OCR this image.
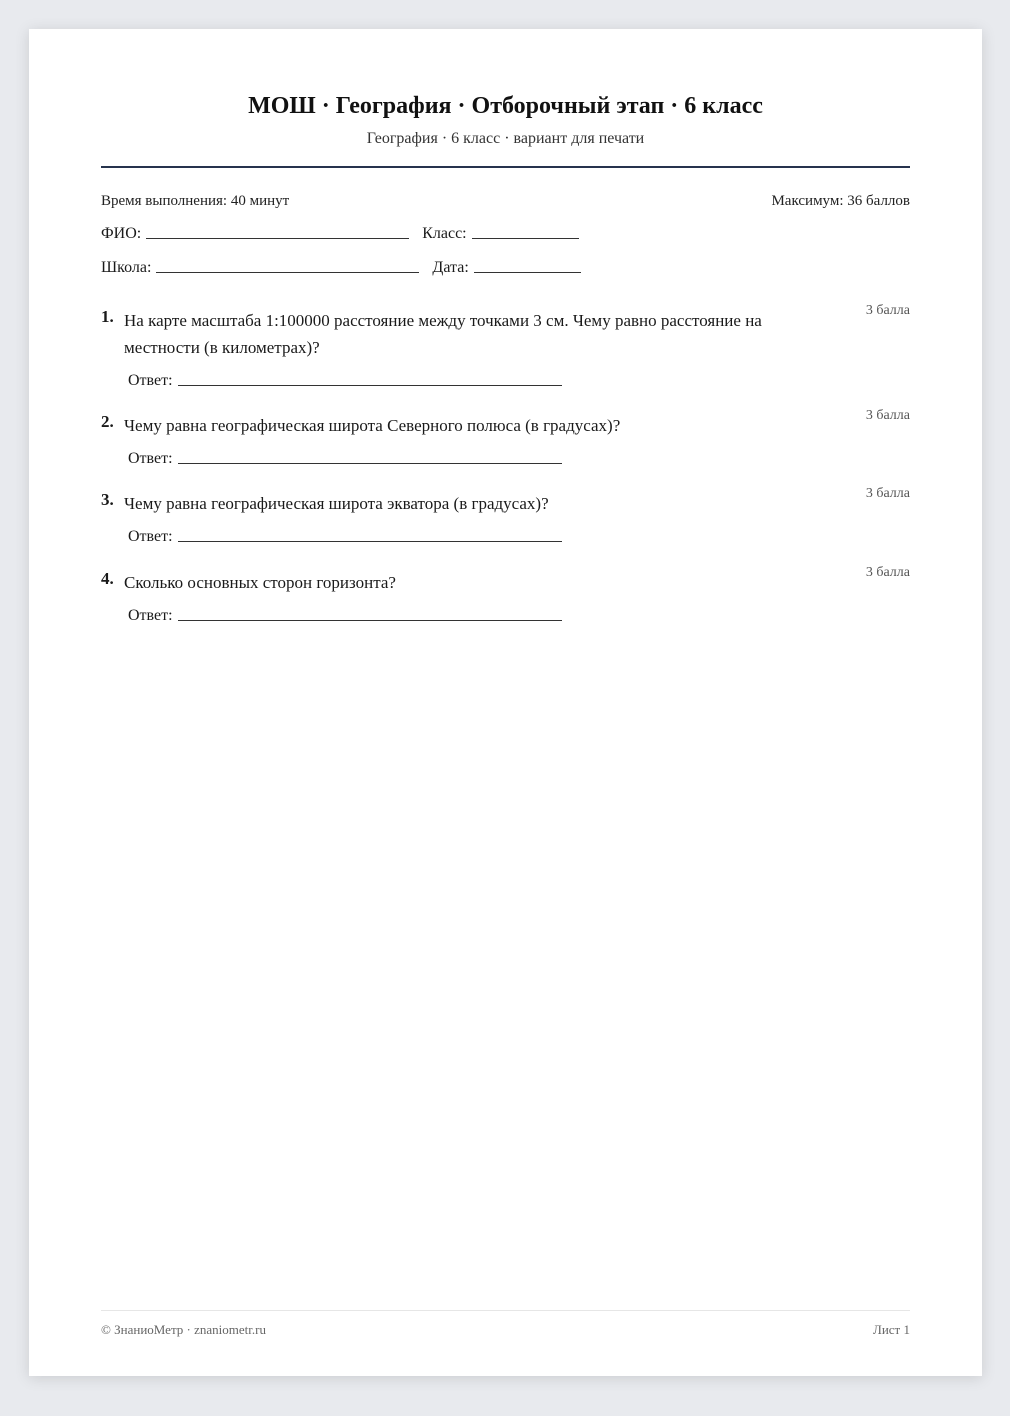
МОШ · География · Отборочный этап · 6 класс
География · 6 класс · вариант для печати
Время выполнения: 40 минут	Максимум: 36 баллов
ФИО:	Класс:
Школа:	Дата:
1. На карте масштаба 1:100000 расстояние между точками 3 см. Чему равно расстояние на местности (в километрах)?
3 балла
Ответ:
2. Чему равна географическая широта Северного полюса (в градусах)?
3 балла
Ответ:
3. Чему равна географическая широта экватора (в градусах)?
3 балла
Ответ:
4. Сколько основных сторон горизонта?
3 балла
Ответ:
© ЗнаниоМетр · znaniometr.ru	Лист 1
